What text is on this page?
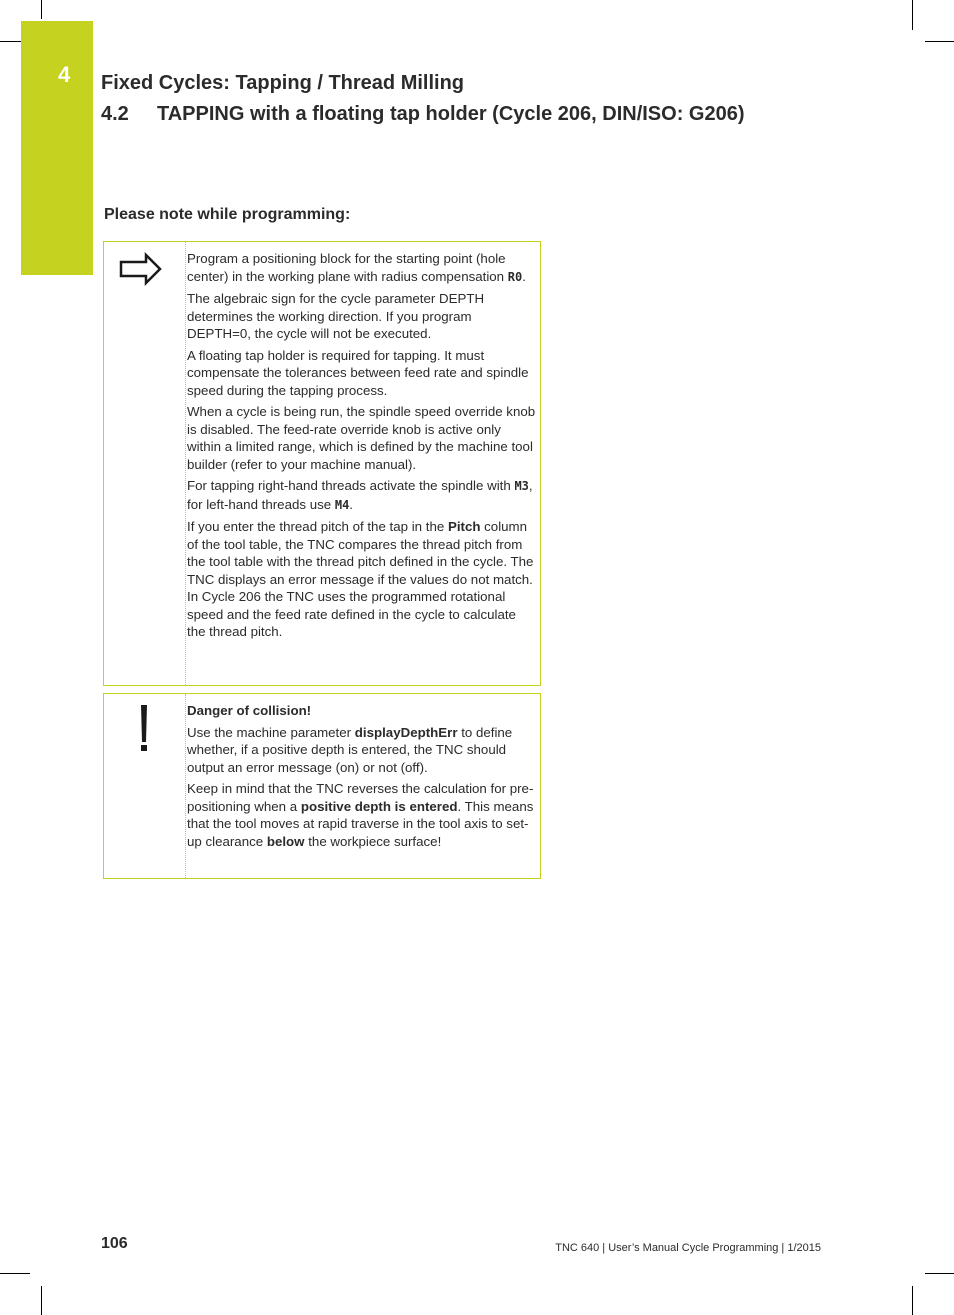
4 Fixed Cycles: Tapping / Thread Milling
4.2 TAPPING with a floating tap holder (Cycle 206, DIN/ISO: G206)
Please note while programming:

Program a positioning block for the starting point (hole center) in the working plane with radius compensation R0.

The algebraic sign for the cycle parameter DEPTH determines the working direction. If you program DEPTH=0, the cycle will not be executed.

A floating tap holder is required for tapping. It must compensate the tolerances between feed rate and spindle speed during the tapping process.

When a cycle is being run, the spindle speed override knob is disabled. The feed-rate override knob is active only within a limited range, which is defined by the machine tool builder (refer to your machine manual).

For tapping right-hand threads activate the spindle with M3, for left-hand threads use M4.

If you enter the thread pitch of the tap in the Pitch column of the tool table, the TNC compares the thread pitch from the tool table with the thread pitch defined in the cycle. The TNC displays an error message if the values do not match. In Cycle 206 the TNC uses the programmed rotational speed and the feed rate defined in the cycle to calculate the thread pitch.

Danger of collision!

Use the machine parameter displayDepthErr to define whether, if a positive depth is entered, the TNC should output an error message (on) or not (off).

Keep in mind that the TNC reverses the calculation for pre-positioning when a positive depth is entered. This means that the tool moves at rapid traverse in the tool axis to set-up clearance below the workpiece surface!

106	TNC 640 | User’s Manual Cycle Programming | 1/2015
